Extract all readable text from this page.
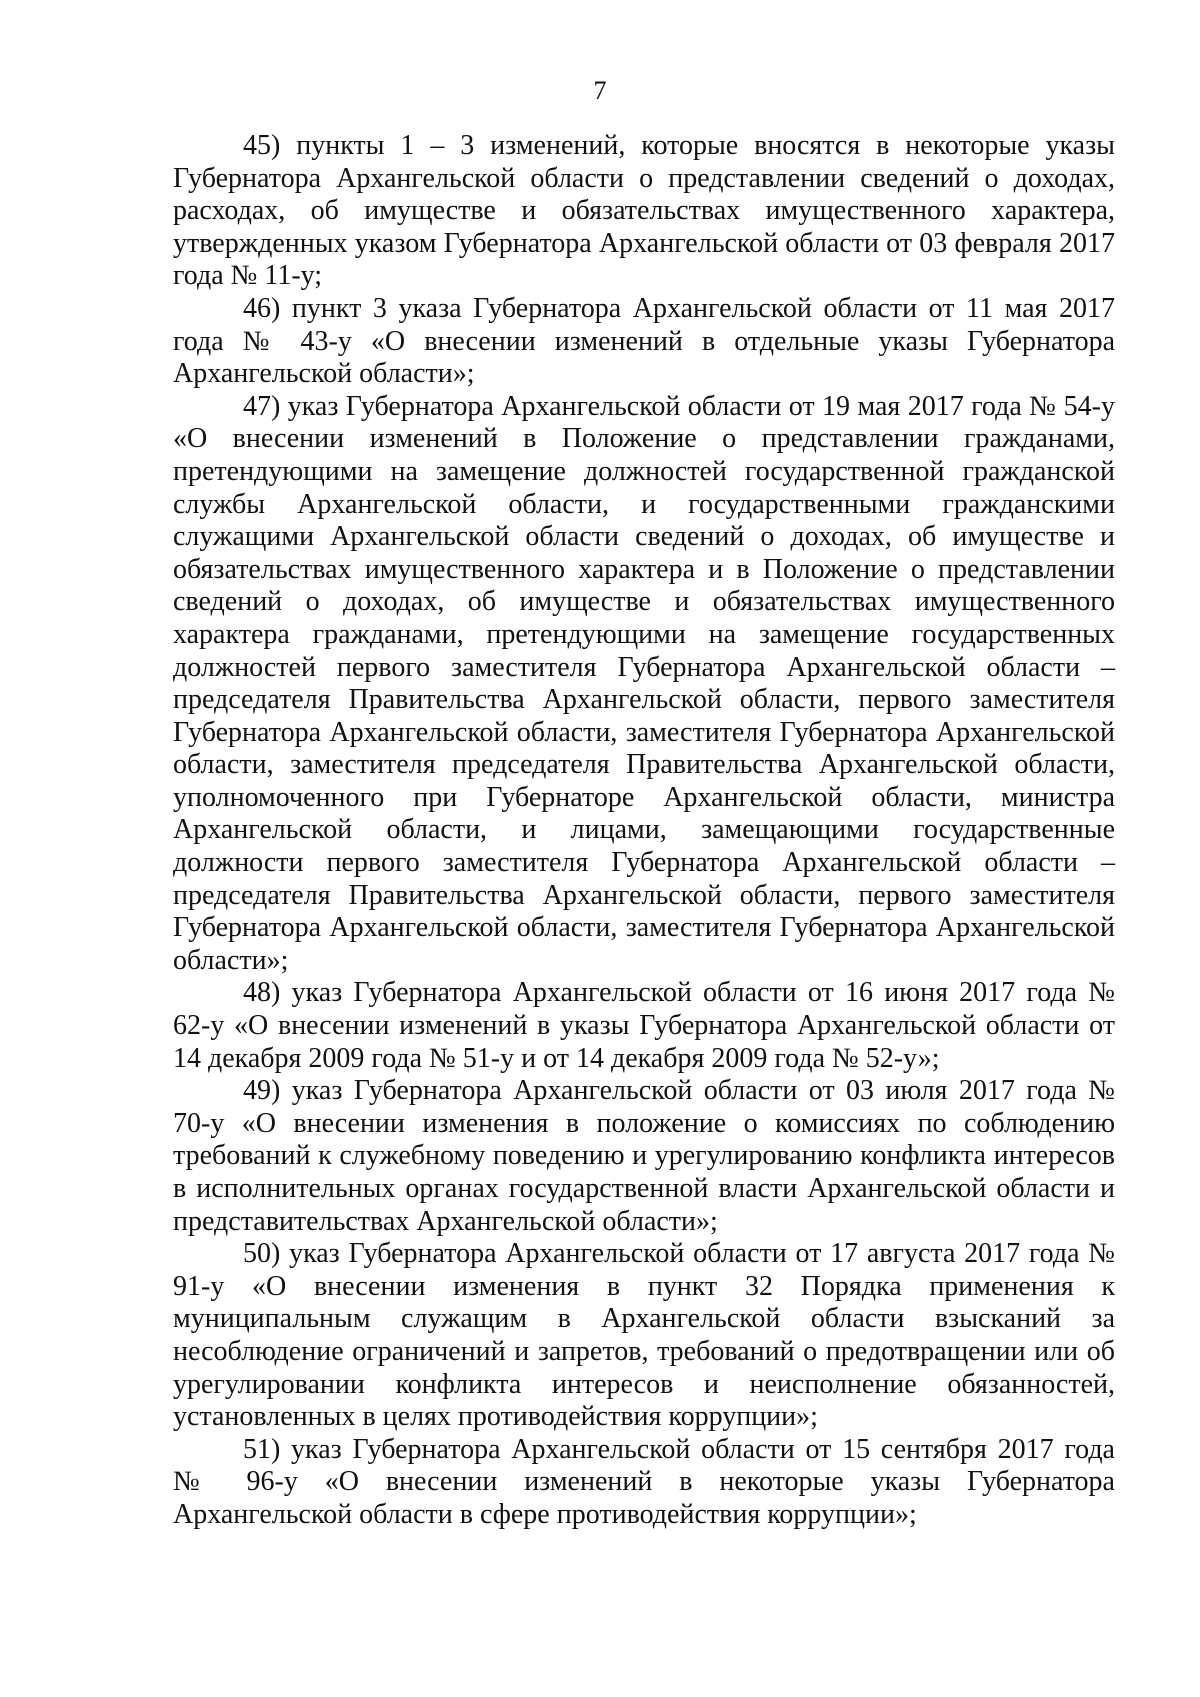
7

45) пункты 1 – 3 изменений, которые вносятся в некоторые указы Губернатора Архангельской области о представлении сведений о доходах, расходах, об имуществе и обязательствах имущественного характера, утвержденных указом Губернатора Архангельской области от 03 февраля 2017 года № 11-у;

46) пункт 3 указа Губернатора Архангельской области от 11 мая 2017 года № 43-у «О внесении изменений в отдельные указы Губернатора Архангельской области»;

47) указ Губернатора Архангельской области от 19 мая 2017 года № 54-у «О внесении изменений в Положение о представлении гражданами, претендующими на замещение должностей государственной гражданской службы Архангельской области, и государственными гражданскими служащими Архангельской области сведений о доходах, об имуществе и обязательствах имущественного характера и в Положение о представлении сведений о доходах, об имуществе и обязательствах имущественного характера гражданами, претендующими на замещение государственных должностей первого заместителя Губернатора Архангельской области – председателя Правительства Архангельской области, первого заместителя Губернатора Архангельской области, заместителя Губернатора Архангельской области, заместителя председателя Правительства Архангельской области, уполномоченного при Губернаторе Архангельской области, министра Архангельской области, и лицами, замещающими государственные должности первого заместителя Губернатора Архангельской области – председателя Правительства Архангельской области, первого заместителя Губернатора Архангельской области, заместителя Губернатора Архангельской области»;

48) указ Губернатора Архангельской области от 16 июня 2017 года № 62-у «О внесении изменений в указы Губернатора Архангельской области от 14 декабря 2009 года № 51-у и от 14 декабря 2009 года № 52-у»;

49) указ Губернатора Архангельской области от 03 июля 2017 года № 70-у «О внесении изменения в положение о комиссиях по соблюдению требований к служебному поведению и урегулированию конфликта интересов в исполнительных органах государственной власти Архангельской области и представительствах Архангельской области»;

50) указ Губернатора Архангельской области от 17 августа 2017 года № 91-у «О внесении изменения в пункт 32 Порядка применения к муниципальным служащим в Архангельской области взысканий за несоблюдение ограничений и запретов, требований о предотвращении или об урегулировании конфликта интересов и неисполнение обязанностей, установленных в целях противодействия коррупции»;

51) указ Губернатора Архангельской области от 15 сентября 2017 года № 96-у «О внесении изменений в некоторые указы Губернатора Архангельской области в сфере противодействия коррупции»;
